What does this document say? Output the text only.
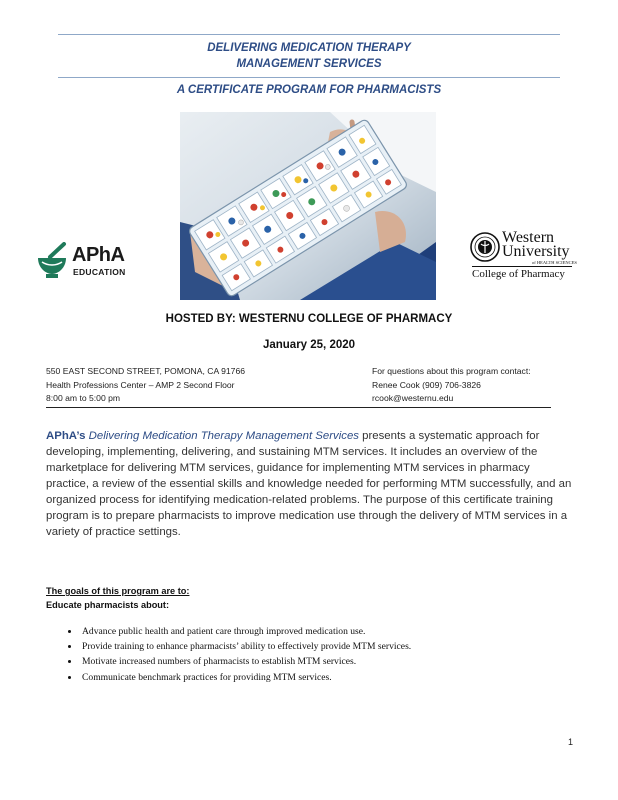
DELIVERING MEDICATION THERAPY
MANAGEMENT SERVICES
A CERTIFICATE PROGRAM FOR PHARMACISTS
APhA
EDUCATION
Western
University
of HEALTH SCIENCES
College of Pharmacy
HOSTED BY: WESTERNU COLLEGE OF PHARMACY
January 25, 2020
550 EAST SECOND STREET, POMONA, CA 91766
Health Professions Center – AMP 2 Second Floor
8:00 am to 5:00 pm
For questions about this program contact:
Renee Cook (909) 706-3826
rcook@westernu.edu

APhA’s Delivering Medication Therapy Management Services presents a systematic approach for developing, implementing, delivering, and sustaining MTM services. It includes an overview of the marketplace for delivering MTM services, guidance for implementing MTM services in pharmacy practice, a review of the essential skills and knowledge needed for performing MTM successfully, and an organized process for identifying medication-related problems. The purpose of this certificate training program is to prepare pharmacists to improve medication use through the delivery of MTM services in a variety of practice settings.

The goals of this program are to:
Educate pharmacists about:
• Advance public health and patient care through improved medication use.
• Provide training to enhance pharmacists’ ability to effectively provide MTM services.
• Motivate increased numbers of pharmacists to establish MTM services.
• Communicate benchmark practices for providing MTM services.
1
